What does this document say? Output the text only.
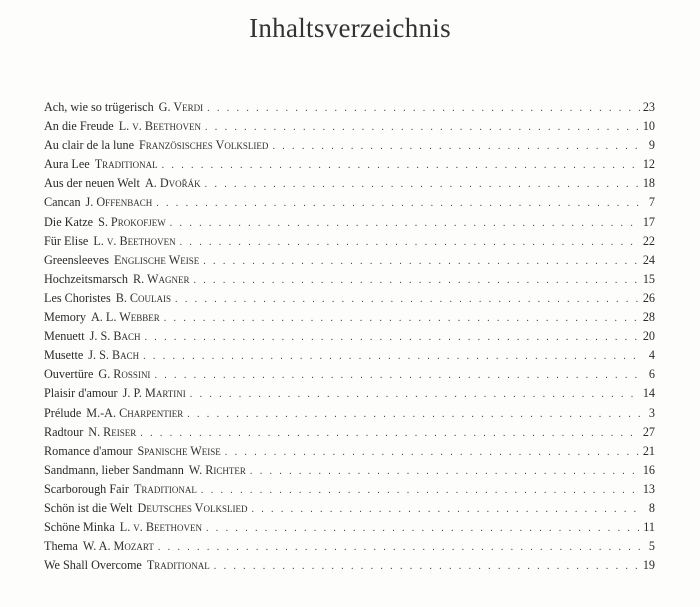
Inhaltsverzeichnis
Ach, wie so trügerisch G. Verdi . . .	23
An die Freude L. v. Beethoven . . .	10
Au clair de la lune Französisches Volkslied . . .	9
Aura Lee Traditional . . .	12
Aus der neuen Welt A. Dvořák . . .	18
Cancan J. Offenbach . . .	7
Die Katze S. Prokofjew . . .	17
Für Elise L. v. Beethoven . . .	22
Greensleeves Englische Weise . . .	24
Hochzeitsmarsch R. Wagner . . .	15
Les Choristes B. Coulais . . .	26
Memory A. L. Webber . . .	28
Menuett J. S. Bach . . .	20
Musette J. S. Bach . . .	4
Ouvertüre G. Rossini . . .	6
Plaisir d'amour J. P. Martini . . .	14
Prélude M.-A. Charpentier . . .	3
Radtour N. Reiser . . .	27
Romance d'amour Spanische Weise . . .	21
Sandmann, lieber Sandmann W. Richter . . .	16
Scarborough Fair Traditional . . .	13
Schön ist die Welt Deutsches Volkslied . . .	8
Schöne Minka L. v. Beethoven . . .	11
Thema W. A. Mozart . . .	5
We Shall Overcome Traditional . . .	19
